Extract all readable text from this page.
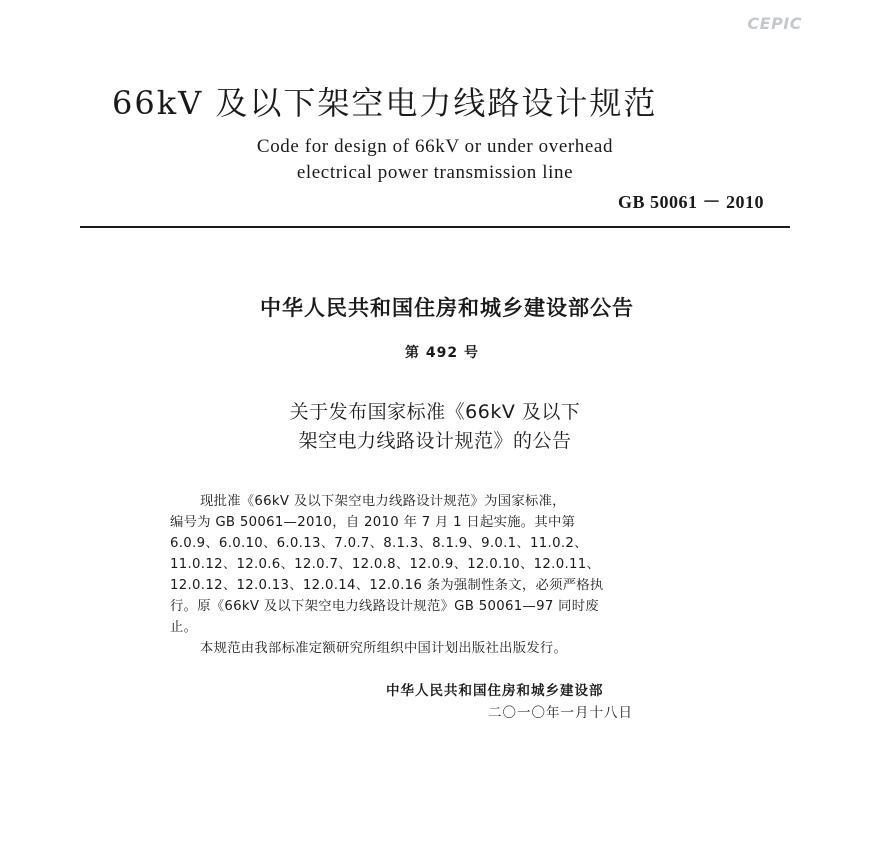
CEPIC
66kV 及以下架空电力线路设计规范
Code for design of 66kV or under overhead
electrical power transmission line
GB 50061 － 2010
中华人民共和国住房和城乡建设部公告
第 492 号
关于发布国家标准《66kV 及以下
架空电力线路设计规范》的公告
现批准《66kV 及以下架空电力线路设计规范》为国家标准，
编号为 GB 50061—2010，自 2010 年 7 月 1 日起实施。其中第
6.0.9、6.0.10、6.0.13、7.0.7、8.1.3、8.1.9、9.0.1、11.0.2、
11.0.12、12.0.6、12.0.7、12.0.8、12.0.9、12.0.10、12.0.11、
12.0.12、12.0.13、12.0.14、12.0.16 条为强制性条文，必须严格执
行。原《66kV 及以下架空电力线路设计规范》GB 50061—97 同时废
止。
本规范由我部标准定额研究所组织中国计划出版社出版发行。
中华人民共和国住房和城乡建设部
二〇一〇年一月十八日
